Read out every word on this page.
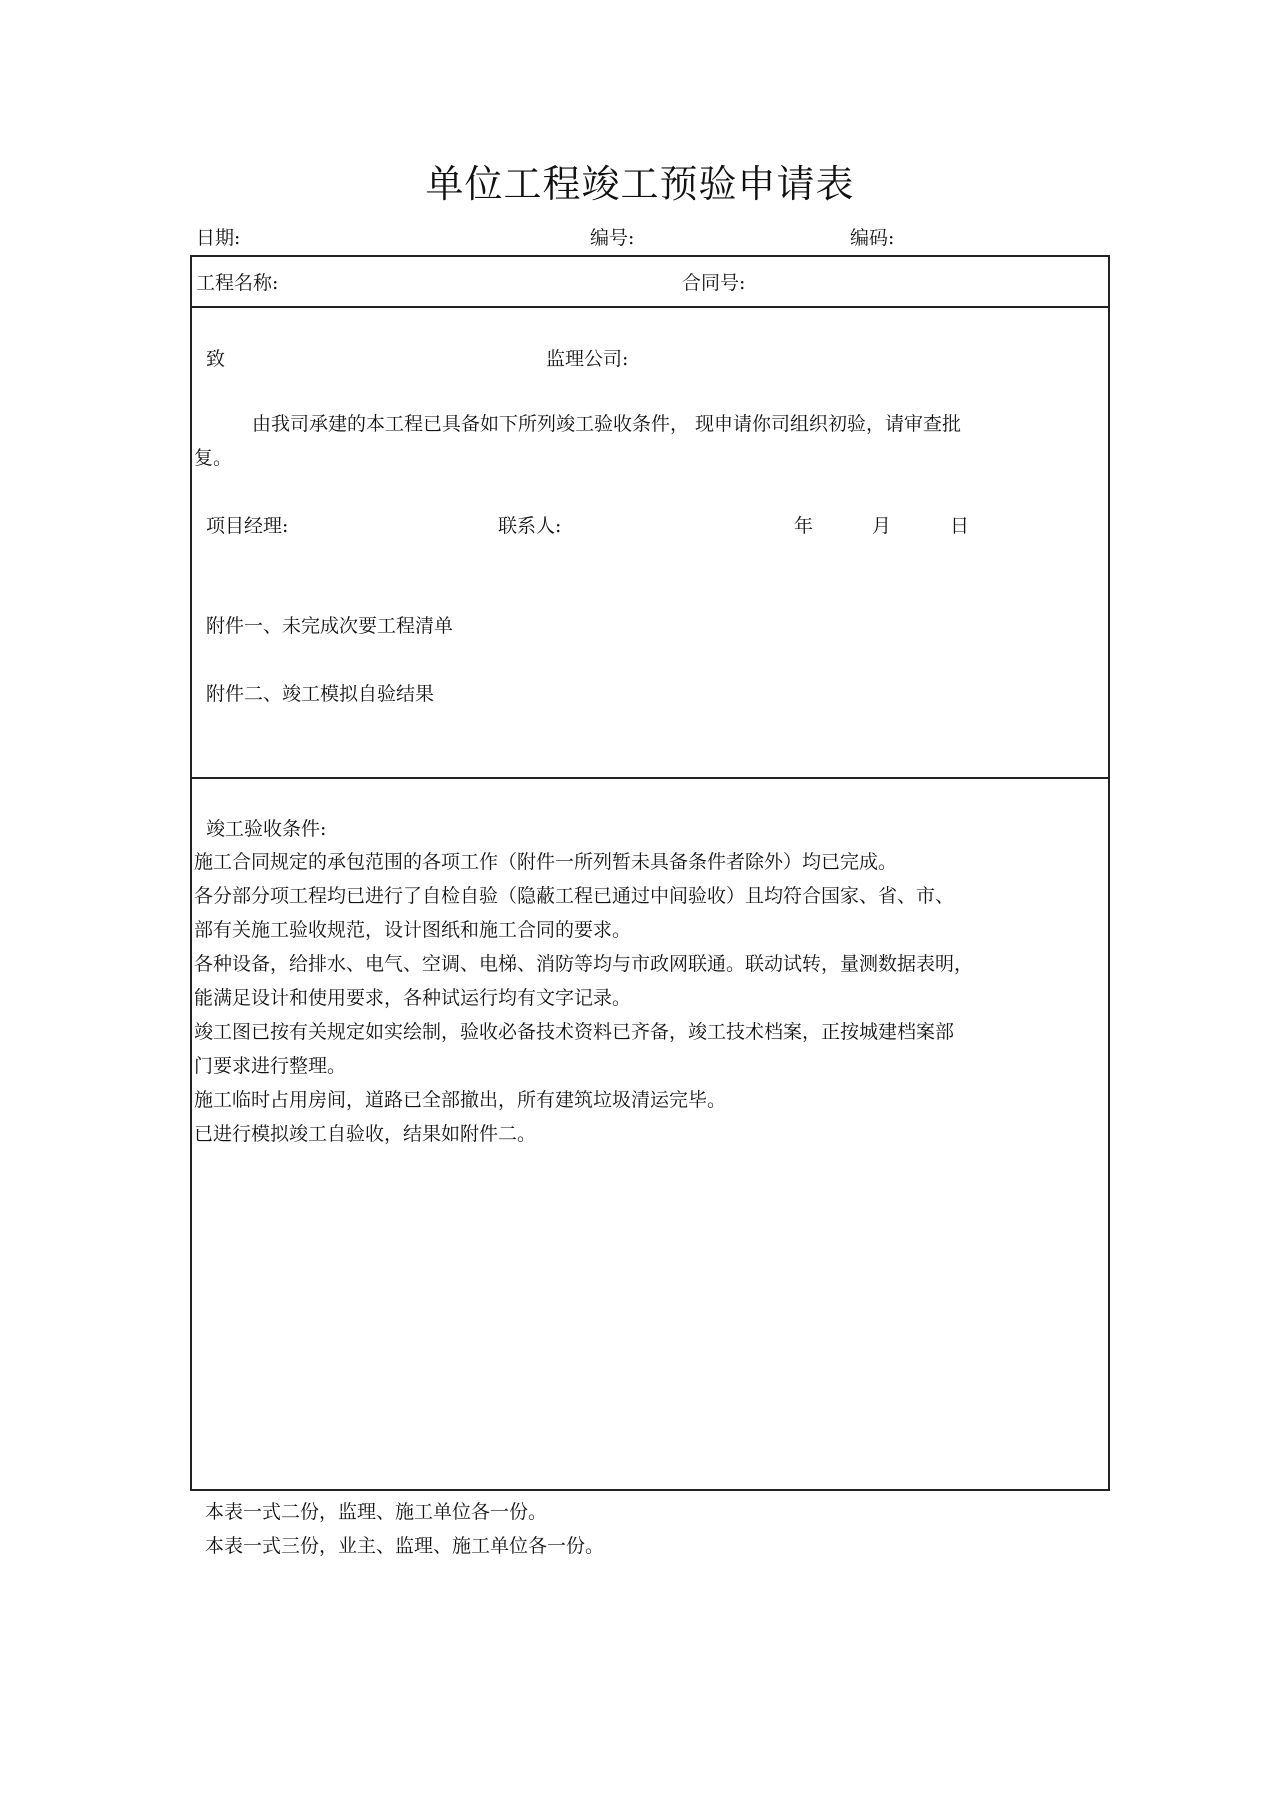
单位工程竣工预验申请表
日期:	编号:	编码:
工程名称:	合同号:
致	监理公司:
由我司承建的本工程已具备如下所列竣工验收条件， 现申请你司组织初验，请审查批
复。
项目经理:	联系人:	年	月	日
附件一、未完成次要工程清单
附件二、竣工模拟自验结果
竣工验收条件:
施工合同规定的承包范围的各项工作（附件一所列暂未具备条件者除外）均已完成。
各分部分项工程均已进行了自检自验（隐蔽工程已通过中间验收）且均符合国家、省、市、
部有关施工验收规范，设计图纸和施工合同的要求。
各种设备，给排水、电气、空调、电梯、消防等均与市政网联通。联动试转，量测数据表明，
能满足设计和使用要求，各种试运行均有文字记录。
竣工图已按有关规定如实绘制，验收必备技术资料已齐备，竣工技术档案，正按城建档案部
门要求进行整理。
施工临时占用房间，道路已全部撤出，所有建筑垃圾清运完毕。
已进行模拟竣工自验收，结果如附件二。
本表一式二份，监理、施工单位各一份。
本表一式三份，业主、监理、施工单位各一份。
